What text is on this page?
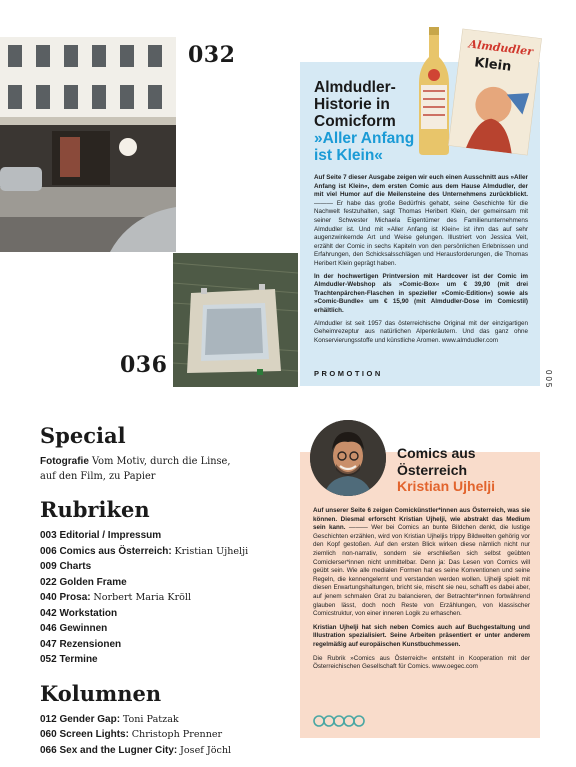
032
036
Almdudler-Historie in Comicform
»Aller Anfang ist Klein«

Auf Seite 7 dieser Ausgabe zeigen wir euch einen Ausschnitt aus »Aller Anfang ist Klein«, dem ersten Comic aus dem Hause Almdudler, der mit viel Humor auf die Meilensteine des Unternehmens zurückblickt. ——— Er habe das große Bedürfnis gehabt, seine Geschichte für die Nachwelt festzuhalten, sagt Thomas Heribert Klein, der gemeinsam mit seiner Schwester Michaela Eigentümer des Familienunternehmens Almdudler ist. Und mit »Aller Anfang ist Klein« ist ihm das auf sehr augenzwinkernde Art und Weise gelungen. Illustriert von Jessica Veit, erzählt der Comic in sechs Kapiteln von den persönlichen Erlebnissen und Erfahrungen, den Schicksalsschlägen und Herausforderungen, die Thomas Heribert Klein geprägt haben.

In der hochwertigen Printversion mit Hardcover ist der Comic im Almdudler-Webshop als »Comic-Box« um € 39,90 (mit drei Trachtenpärchen-Flaschen in spezieller »Comic-Edition«) sowie als »Comic-Bundle« um € 15,90 (mit Almdudler-Dose im Comicstil) erhältlich.

Almdudler ist seit 1957 das österreichische Original mit der einzigartigen Geheimrezeptur aus natürlichen Alpenkräutern. Und das ganz ohne Konservierungsstoffe und künstliche Aromen. www.almdudler.com

PROMOTION
Almdudler
Klein
005
Special
Fotografie Vom Motiv, durch die Linse, auf den Film, zu Papier
Rubriken
003 Editorial / Impressum
006 Comics aus Österreich: Kristian Ujhelji
009 Charts
022 Golden Frame
040 Prosa: Norbert Maria Kröll
042 Workstation
046 Gewinnen
047 Rezensionen
052 Termine
Kolumnen
012 Gender Gap: Toni Patzak
060 Screen Lights: Christoph Prenner
066 Sex and the Lugner City: Josef Jöchl
Comics aus Österreich
Kristian Ujhelji

Auf unserer Seite 6 zeigen Comickünstler*innen aus Österreich, was sie können. Diesmal erforscht Kristian Ujhelji, wie abstrakt das Medium sein kann. ——— Wer bei Comics an bunte Bildchen denkt, die lustige Geschichten erzählen, wird von Kristian Ujheljis trippy Bildwelten gehörig vor den Kopf gestoßen. Auf den ersten Blick wirken diese nämlich nicht nur ziemlich non-narrativ, sondern sie erschließen sich selbst geübten Comiclerser*innen nicht unmittelbar. Denn ja: Das Lesen von Comics will geübt sein. Wie alle medialen Formen hat es seine Konventionen und seine Regeln, die kennengelernt und verstanden werden wollen. Ujhelji spielt mit diesen Erwartungshaltungen, bricht sie, mischt sie neu, schafft es dabei aber, auf jenem schmalen Grat zu balancieren, der Betrachter*innen fortwährend glauben lässt, doch noch Reste von Erzählungen, von klassischer Comicstruktur, von einer inneren Logik zu erhaschen.

Kristian Ujhelji hat sich neben Comics auch auf Buchgestaltung und Illustration spezialisiert. Seine Arbeiten präsentiert er unter anderem regelmäßig auf europäischen Kunstbuchmessen.

Die Rubrik »Comics aus Österreich« entsteht in Kooperation mit der Österreichischen Gesellschaft für Comics. www.oegec.com
